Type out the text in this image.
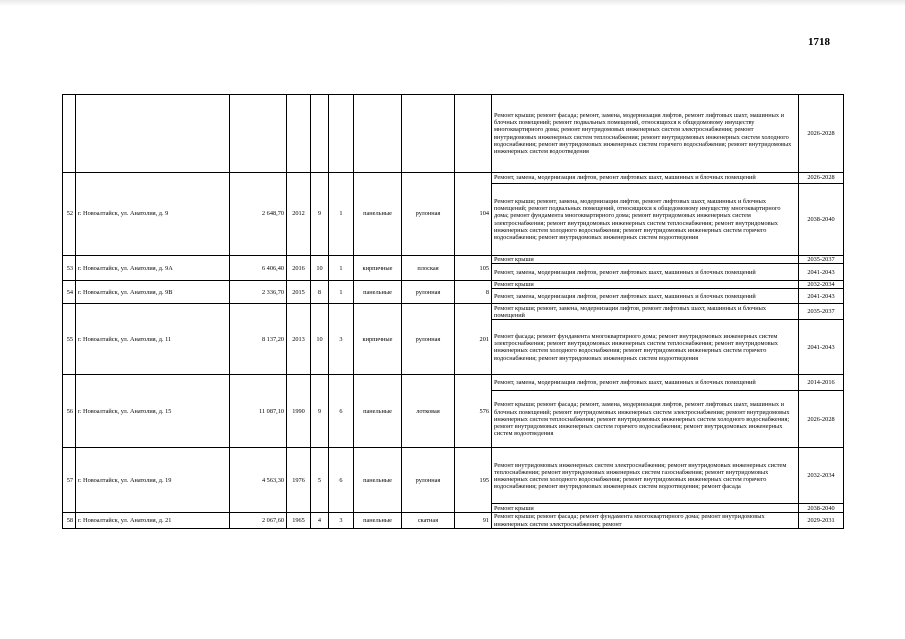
1718
									Ремонт крыши; ремонт фасада; ремонт, замена, модернизация лифтов, ремонт лифтовых шахт, машинных и блочных помещений; ремонт подвальных помещений, относящихся к общедомовому имуществу многоквартирного дома; ремонт внутридомовых инженерных систем электроснабжения; ремонт внутридомовых инженерных систем теплоснабжения; ремонт внутридомовых инженерных систем холодного водоснабжения; ремонт внутридомовых инженерных систем горячего водоснабжения; ремонт внутридомовых инженерных систем водоотведения	2026-2028
52	г. Новоалтайск, ул. Анатолия, д. 9	2 648,70	2012	9	1	панельные	рулонная	104	Ремонт, замена, модернизация лифтов, ремонт лифтовых шахт, машинных и блочных помещений	2026-2028
									Ремонт крыши; ремонт, замена, модернизация лифтов, ремонт лифтовых шахт, машинных и блочных помещений; ремонт подвальных помещений, относящихся к общедомовому имуществу многоквартирного дома; ремонт фундамента многоквартирного дома; ремонт внутридомовых инженерных систем электроснабжения; ремонт внутридомовых инженерных систем теплоснабжения; ремонт внутридомовых инженерных систем холодного водоснабжения; ремонт внутридомовых инженерных систем горячего водоснабжения; ремонт внутридомовых инженерных систем водоотведения	2038-2040
53	г. Новоалтайск, ул. Анатолия, д. 9А	6 406,40	2016	10	1	кирпичные	плоская	105	Ремонт крыши	2035-2037
									Ремонт, замена, модернизация лифтов, ремонт лифтовых шахт, машинных и блочных помещений	2041-2043
54	г. Новоалтайск, ул. Анатолия, д. 9В	2 336,70	2015	8	1	панельные	рулонная	8	Ремонт крыши	2032-2034
									Ремонт, замена, модернизация лифтов, ремонт лифтовых шахт, машинных и блочных помещений	2041-2043
55	г. Новоалтайск, ул. Анатолия, д. 11	8 137,20	2013	10	3	кирпичные	рулонная	201	Ремонт крыши; ремонт, замена, модернизация лифтов, ремонт лифтовых шахт, машинных и блочных помещений	2035-2037
									Ремонт фасада; ремонт фундамента многоквартирного дома; ремонт внутридомовых инженерных систем электроснабжения; ремонт внутридомовых инженерных систем теплоснабжения; ремонт внутридомовых инженерных систем холодного водоснабжения; ремонт внутридомовых инженерных систем горячего водоснабжения; ремонт внутридомовых инженерных систем водоотведения	2041-2043
56	г. Новоалтайск, ул. Анатолия, д. 15	11 087,10	1990	9	6	панельные	лотковая	576	Ремонт, замена, модернизация лифтов, ремонт лифтовых шахт, машинных и блочных помещений	2014-2016
									Ремонт крыши; ремонт фасада; ремонт, замена, модернизация лифтов, ремонт лифтовых шахт, машинных и блочных помещений; ремонт внутридомовых инженерных систем электроснабжения; ремонт внутридомовых инженерных систем теплоснабжения; ремонт внутридомовых инженерных систем холодного водоснабжения; ремонт внутридомовых инженерных систем горячего водоснабжения; ремонт внутридомовых инженерных систем водоотведения	2026-2028
57	г. Новоалтайск, ул. Анатолия, д. 19	4 563,30	1976	5	6	панельные	рулонная	195	Ремонт внутридомовых инженерных систем электроснабжения; ремонт внутридомовых инженерных систем теплоснабжения; ремонт внутридомовых инженерных систем газоснабжения; ремонт внутридомовых инженерных систем холодного водоснабжения; ремонт внутридомовых инженерных систем горячего водоснабжения; ремонт внутридомовых инженерных систем водоотведения; ремонт фасада	2032-2034
									Ремонт крыши	2038-2040
58	г. Новоалтайск, ул. Анатолия, д. 21	2 067,60	1965	4	3	панельные	скатная	91	Ремонт крыши; ремонт фасада; ремонт фундамента многоквартирного дома; ремонт внутридомовых инженерных систем электроснабжения; ремонт	2029-2031
